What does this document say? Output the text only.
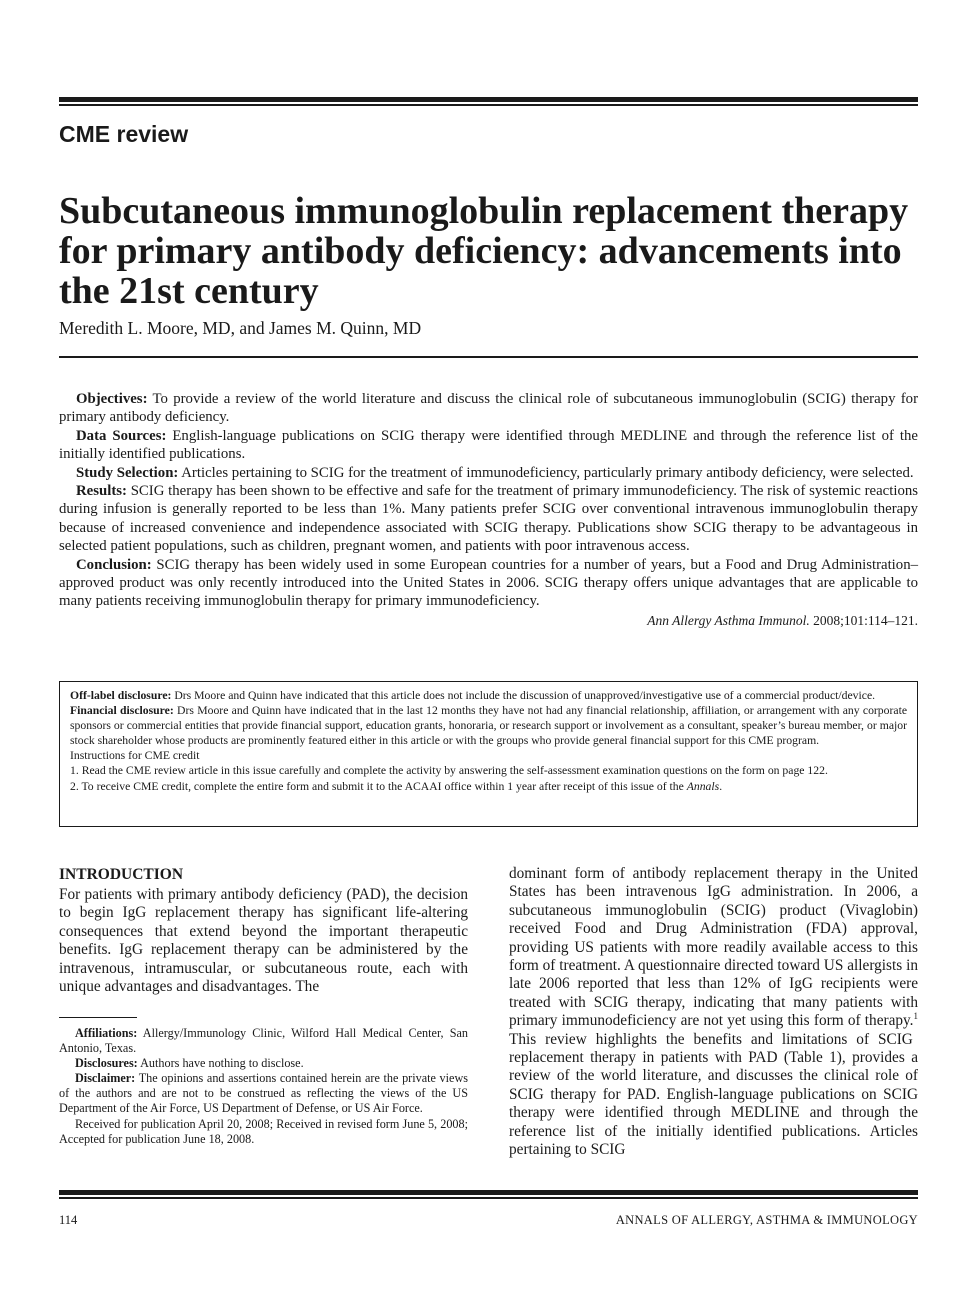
CME review
Subcutaneous immunoglobulin replacement therapy for primary antibody deficiency: advancements into the 21st century
Meredith L. Moore, MD, and James M. Quinn, MD

Objectives: To provide a review of the world literature and discuss the clinical role of subcutaneous immunoglobulin (SCIG) therapy for primary antibody deficiency.

Data Sources: English-language publications on SCIG therapy were identified through MEDLINE and through the reference list of the initially identified publications.

Study Selection: Articles pertaining to SCIG for the treatment of immunodeficiency, particularly primary antibody deficiency, were selected.

Results: SCIG therapy has been shown to be effective and safe for the treatment of primary immunodeficiency. The risk of systemic reactions during infusion is generally reported to be less than 1%. Many patients prefer SCIG over conventional intravenous immunoglobulin therapy because of increased convenience and independence associated with SCIG therapy. Publications show SCIG therapy to be advantageous in selected patient populations, such as children, pregnant women, and patients with poor intravenous access.

Conclusion: SCIG therapy has been widely used in some European countries for a number of years, but a Food and Drug Administration–approved product was only recently introduced into the United States in 2006. SCIG therapy offers unique advantages that are applicable to many patients receiving immunoglobulin therapy for primary immunodeficiency.

Ann Allergy Asthma Immunol. 2008;101:114–121.

Off-label disclosure: Drs Moore and Quinn have indicated that this article does not include the discussion of unapproved/investigative use of a commercial product/device.

Financial disclosure: Drs Moore and Quinn have indicated that in the last 12 months they have not had any financial relationship, affiliation, or arrangement with any corporate sponsors or commercial entities that provide financial support, education grants, honoraria, or research support or involvement as a consultant, speaker’s bureau member, or major stock shareholder whose products are prominently featured either in this article or with the groups who provide general financial support for this CME program.

Instructions for CME credit

1. Read the CME review article in this issue carefully and complete the activity by answering the self-assessment examination questions on the form on page 122.

2. To receive CME credit, complete the entire form and submit it to the ACAAI office within 1 year after receipt of this issue of the Annals.

INTRODUCTION

For patients with primary antibody deficiency (PAD), the decision to begin IgG replacement therapy has significant life-altering consequences that extend beyond the important therapeutic benefits. IgG replacement therapy can be administered by the intravenous, intramuscular, or subcutaneous route, each with unique advantages and disadvantages. The

Affiliations: Allergy/Immunology Clinic, Wilford Hall Medical Center, San Antonio, Texas.

Disclosures: Authors have nothing to disclose.

Disclaimer: The opinions and assertions contained herein are the private views of the authors and are not to be construed as reflecting the views of the US Department of the Air Force, US Department of Defense, or US Air Force.

Received for publication April 20, 2008; Received in revised form June 5, 2008; Accepted for publication June 18, 2008.

dominant form of antibody replacement therapy in the United States has been intravenous IgG administration. In 2006, a subcutaneous immunoglobulin (SCIG) product (Vivaglobin) received Food and Drug Administration (FDA) approval, providing US patients with more readily available access to this form of treatment. A questionnaire directed toward US allergists in late 2006 reported that less than 12% of IgG recipients were treated with SCIG therapy, indicating that many patients with primary immunodeficiency are not yet using this form of therapy.$^1$ This review highlights the benefits and limitations of SCIG replacement therapy in patients with PAD (Table 1), provides a review of the world literature, and discusses the clinical role of SCIG therapy for PAD. English-language publications on SCIG therapy were identified through MEDLINE and through the reference list of the initially identified publications. Articles pertaining to SCIG

114	ANNALS OF ALLERGY, ASTHMA & IMMUNOLOGY
